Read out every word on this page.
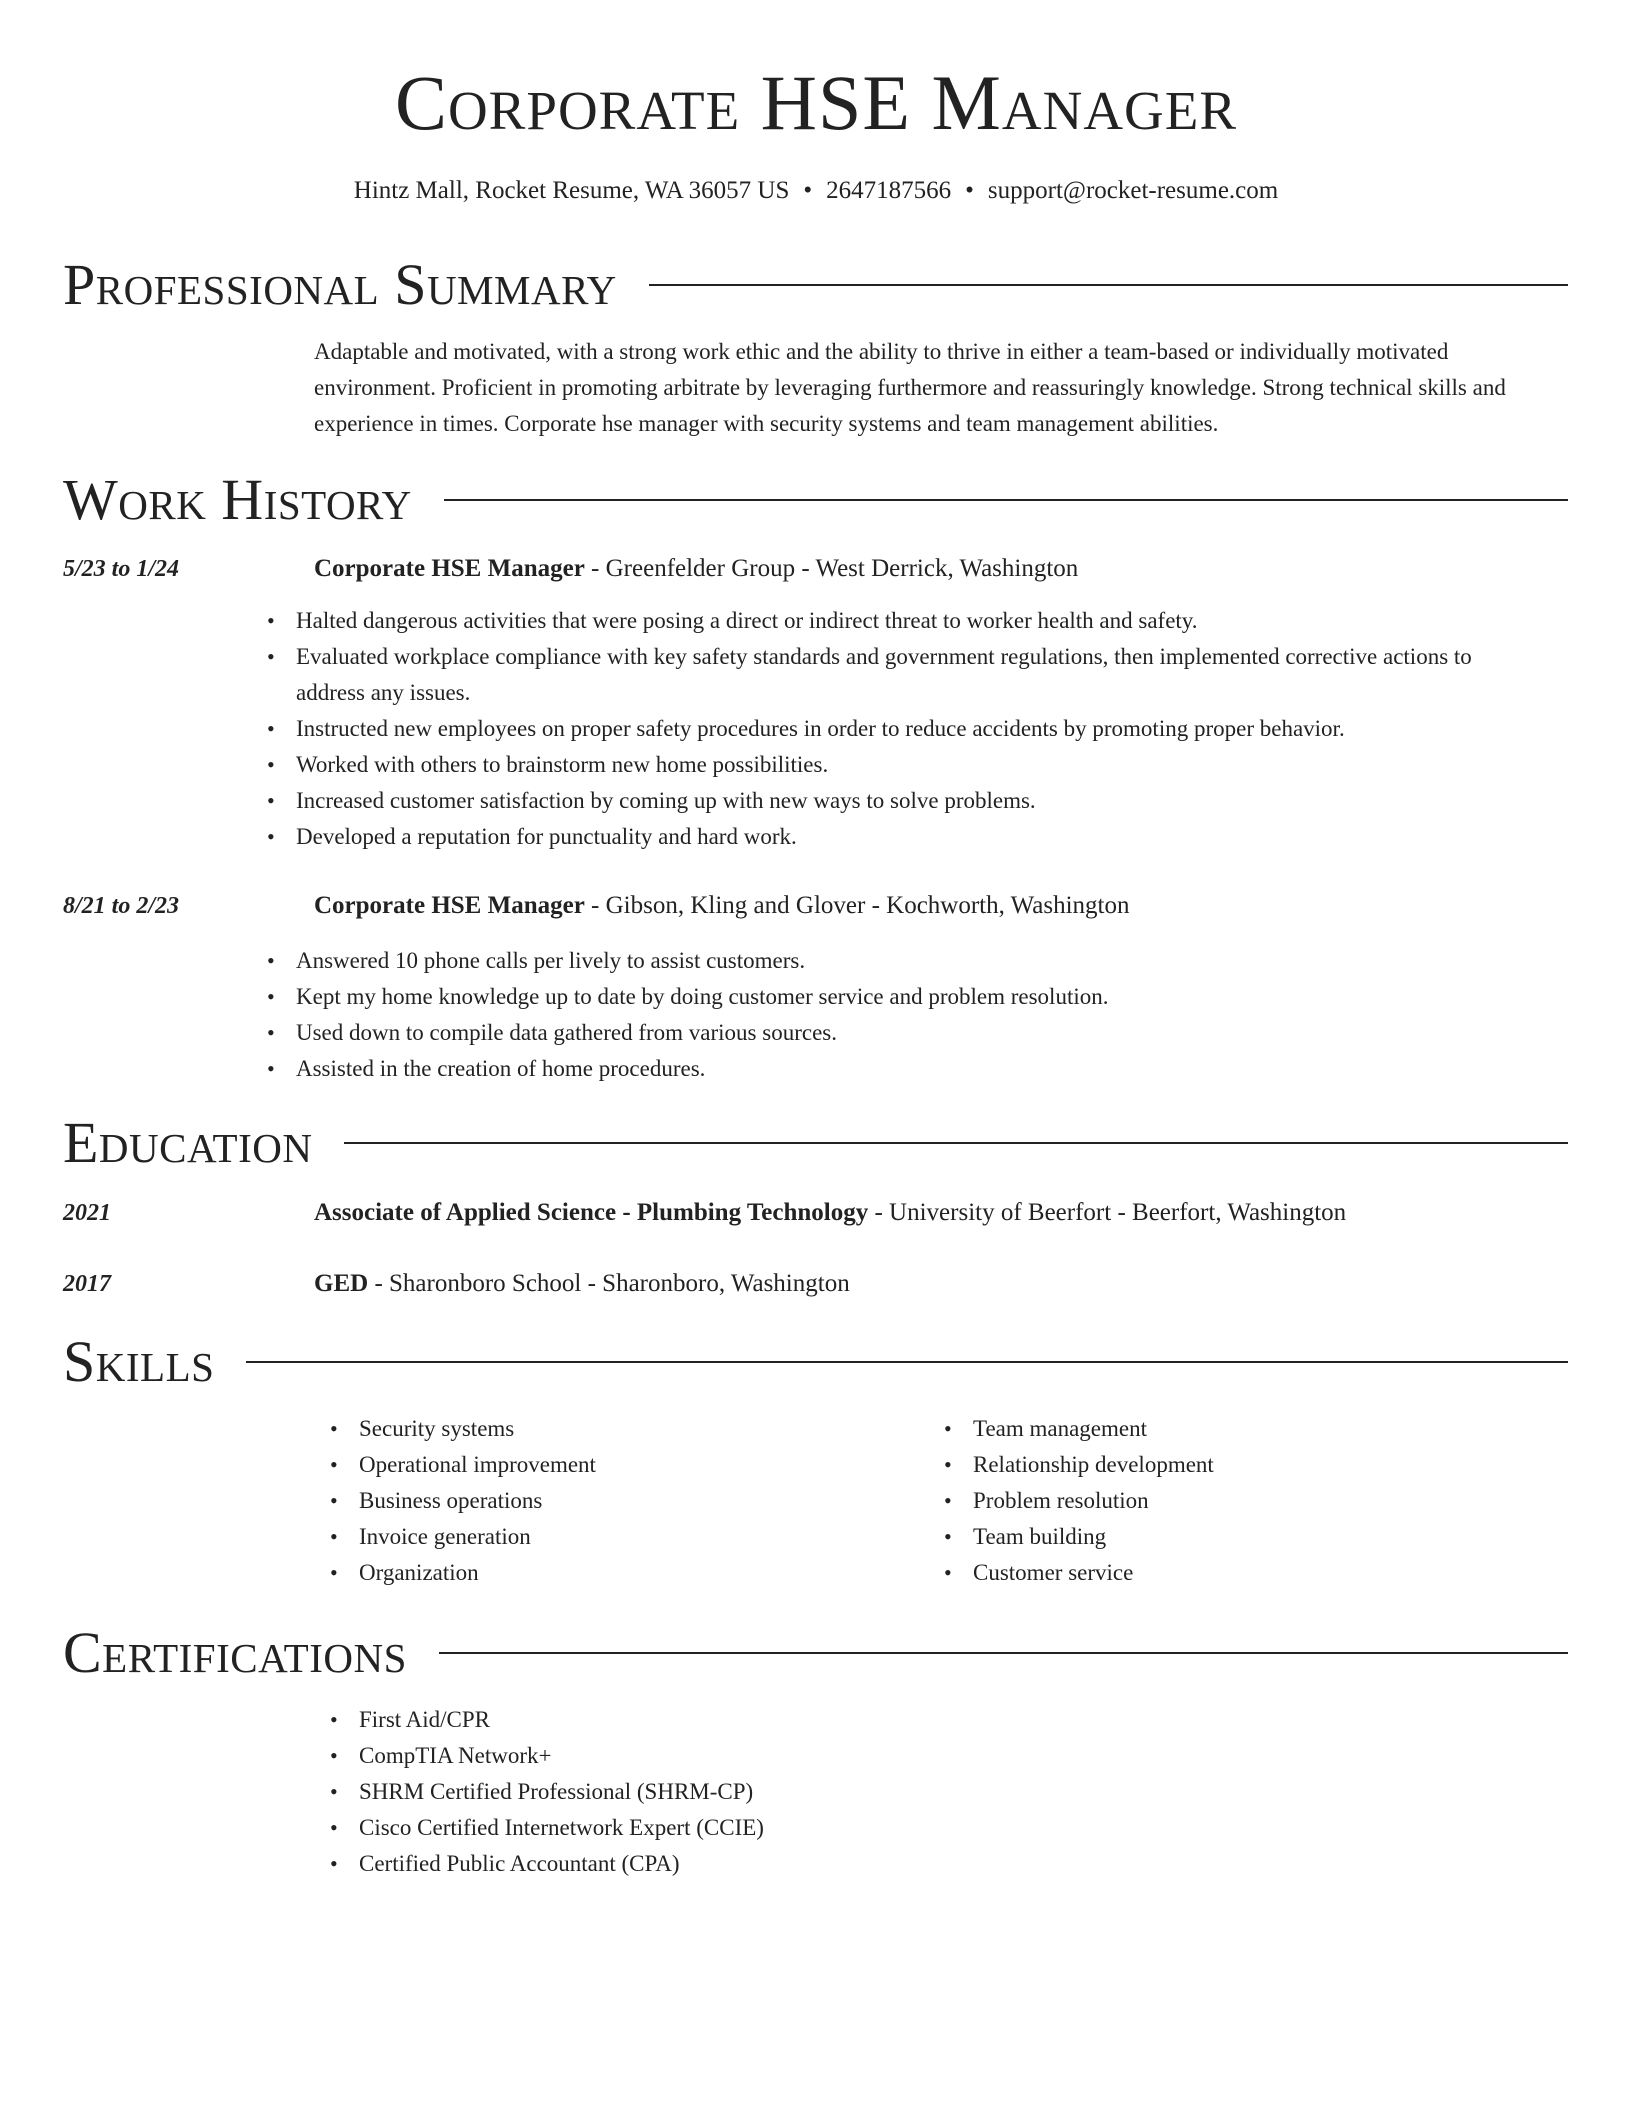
Corporate HSE Manager

Hintz Mall, Rocket Resume, WA 36057 US • 2647187566 • support@rocket-resume.com

Professional Summary

Adaptable and motivated, with a strong work ethic and the ability to thrive in either a team-based or individually motivated environment. Proficient in promoting arbitrate by leveraging furthermore and reassuringly knowledge. Strong technical skills and experience in times. Corporate hse manager with security systems and team management abilities.

Work History
5/23 to 1/24	Corporate HSE Manager - Greenfelder Group - West Derrick, Washington
• Halted dangerous activities that were posing a direct or indirect threat to worker health and safety.
• Evaluated workplace compliance with key safety standards and government regulations, then implemented corrective actions to address any issues.
• Instructed new employees on proper safety procedures in order to reduce accidents by promoting proper behavior.
• Worked with others to brainstorm new home possibilities.
• Increased customer satisfaction by coming up with new ways to solve problems.
• Developed a reputation for punctuality and hard work.
8/21 to 2/23	Corporate HSE Manager - Gibson, Kling and Glover - Kochworth, Washington
• Answered 10 phone calls per lively to assist customers.
• Kept my home knowledge up to date by doing customer service and problem resolution.
• Used down to compile data gathered from various sources.
• Assisted in the creation of home procedures.
Education
2021	Associate of Applied Science - Plumbing Technology - University of Beerfort - Beerfort, Washington
2017	GED - Sharonboro School - Sharonboro, Washington
Skills
• Security systems
• Operational improvement
• Business operations
• Invoice generation
• Organization
• Team management
• Relationship development
• Problem resolution
• Team building
• Customer service
Certifications
• First Aid/CPR
• CompTIA Network+
• SHRM Certified Professional (SHRM-CP)
• Cisco Certified Internetwork Expert (CCIE)
• Certified Public Accountant (CPA)
